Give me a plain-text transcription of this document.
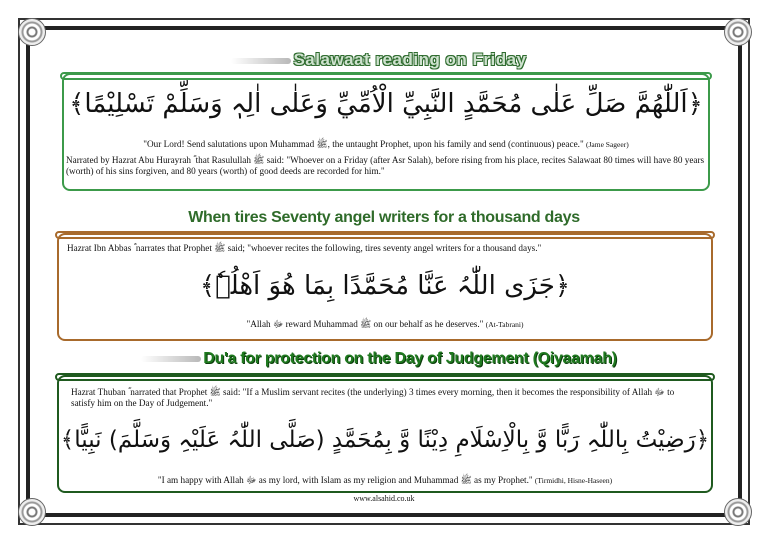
Salawaat reading on Friday
﴿اَللّٰھُمَّ صَلِّ عَلٰی مُحَمَّدٍ النَّبِيِّ الْاُمِّيِّ وَعَلٰی اٰلِہٖ وَسَلِّمْ تَسْلِیْمًا﴾
"Our Lord! Send salutations upon Muhammad ﷺ, the untaught Prophet, upon his family and send (continuous) peace." (Jame Sageer)
Narrated by Hazrat Abu Hurayrah ؓ that Rasulullah ﷺ said: "Whoever on a Friday (after Asr Salah), before rising from his place, recites Salawaat 80 times will have 80 years (worth) of his sins forgiven, and 80 years (worth) of good deeds are recorded for him."
When tires Seventy angel writers for a thousand days
Hazrat Ibn Abbas ؓ narrates that Prophet ﷺ said; "whoever recites the following, tires seventy angel writers for a thousand days."
﴿جَزَی اللّٰہُ عَنَّا مُحَمَّدًا بِمَا ھُوَ اَھْلُہٗ﴾
"Allah ﷻ reward Muhammad ﷺ on our behalf as he deserves." (At-Tabrani)
Du'a for protection on the Day of Judgement (Qiyaamah)
Hazrat Thuban ؓ narrated that Prophet ﷺ said: "If a Muslim servant recites (the underlying) 3 times every morning, then it becomes the responsibility of Allah ﷻ to satisfy him on the Day of Judgement."
﴿رَضِیْتُ بِاللّٰہِ رَبًّا وَّ بِالْاِسْلَامِ دِیْنًا وَّ بِمُحَمَّدٍ (صَلَّی اللّٰہُ عَلَیْہِ وَسَلَّمَ) نَبِیًّا﴾
"I am happy with Allah ﷻ as my lord, with Islam as my religion and Muhammad ﷺ as my Prophet." (Tirmidhi, Hisne-Haseen)
www.alsahid.co.uk
